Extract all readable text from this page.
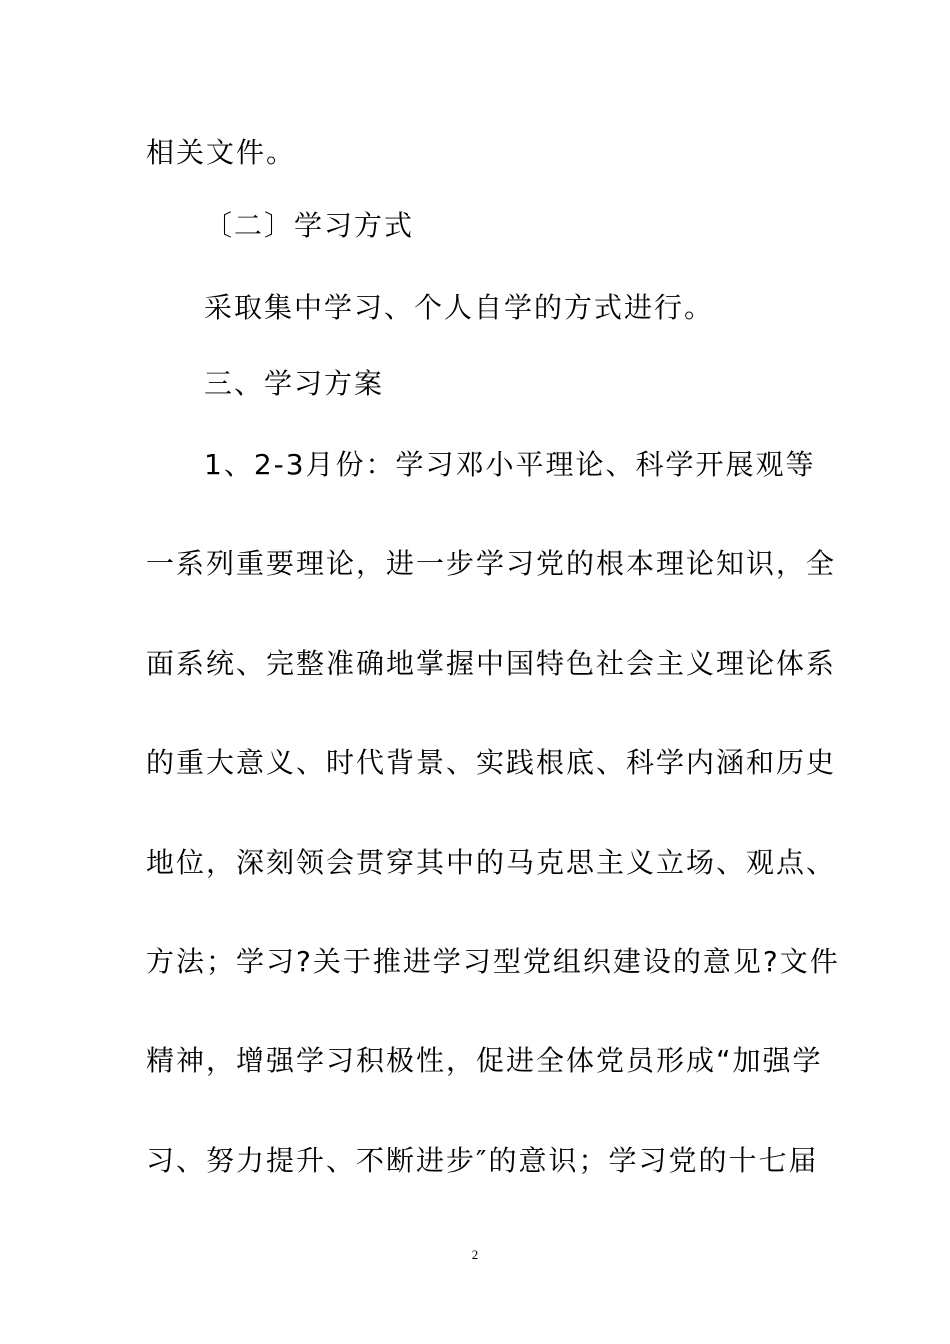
相关文件。
〔二〕学习方式
采取集中学习、个人自学的方式进行。
三、学习方案
1、2-3月份：学习邓小平理论、科学开展观等
一系列重要理论，进一步学习党的根本理论知识，全
面系统、完整准确地掌握中国特色社会主义理论体系
的重大意义、时代背景、实践根底、科学内涵和历史
地位，深刻领会贯穿其中的马克思主义立场、观点、
方法；学习?关于推进学习型党组织建设的意见?文件
精神，增强学习积极性，促进全体党员形成“加强学
习、努力提升、不断进步″的意识；学习党的十七届
2
